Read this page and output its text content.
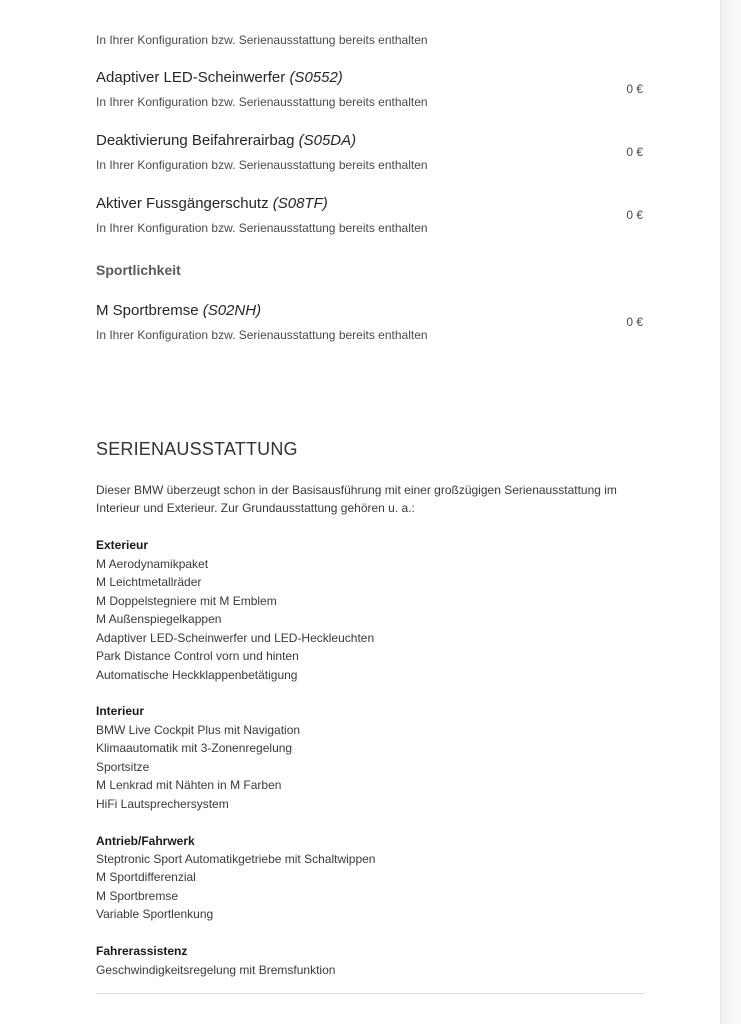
In Ihrer Konfiguration bzw. Serienausstattung bereits enthalten
Adaptiver LED-Scheinwerfer (S0552)
In Ihrer Konfiguration bzw. Serienausstattung bereits enthalten
0 €
Deaktivierung Beifahrerairbag (S05DA)
In Ihrer Konfiguration bzw. Serienausstattung bereits enthalten
0 €
Aktiver Fussgängerschutz (S08TF)
In Ihrer Konfiguration bzw. Serienausstattung bereits enthalten
0 €
Sportlichkeit
M Sportbremse (S02NH)
In Ihrer Konfiguration bzw. Serienausstattung bereits enthalten
0 €
SERIENAUSSTATTUNG
Dieser BMW überzeugt schon in der Basisausführung mit einer großzügigen Serienausstattung im
Interieur und Exterieur. Zur Grundausstattung gehören u. a.:
Exterieur
M Aerodynamikpaket
M Leichtmetallräder
M Doppelstegniere mit M Emblem
M Außenspiegelkappen
Adaptiver LED-Scheinwerfer und LED-Heckleuchten
Park Distance Control vorn und hinten
Automatische Heckklappenbetätigung
Interieur
BMW Live Cockpit Plus mit Navigation
Klimaautomatik mit 3-Zonenregelung
Sportsitze
M Lenkrad mit Nähten in M Farben
HiFi Lautsprechersystem
Antrieb/Fahrwerk
Steptronic Sport Automatikgetriebe mit Schaltwippen
M Sportdifferenzial
M Sportbremse
Variable Sportlenkung
Fahrerassistenz
Geschwindigkeitsregelung mit Bremsfunktion
